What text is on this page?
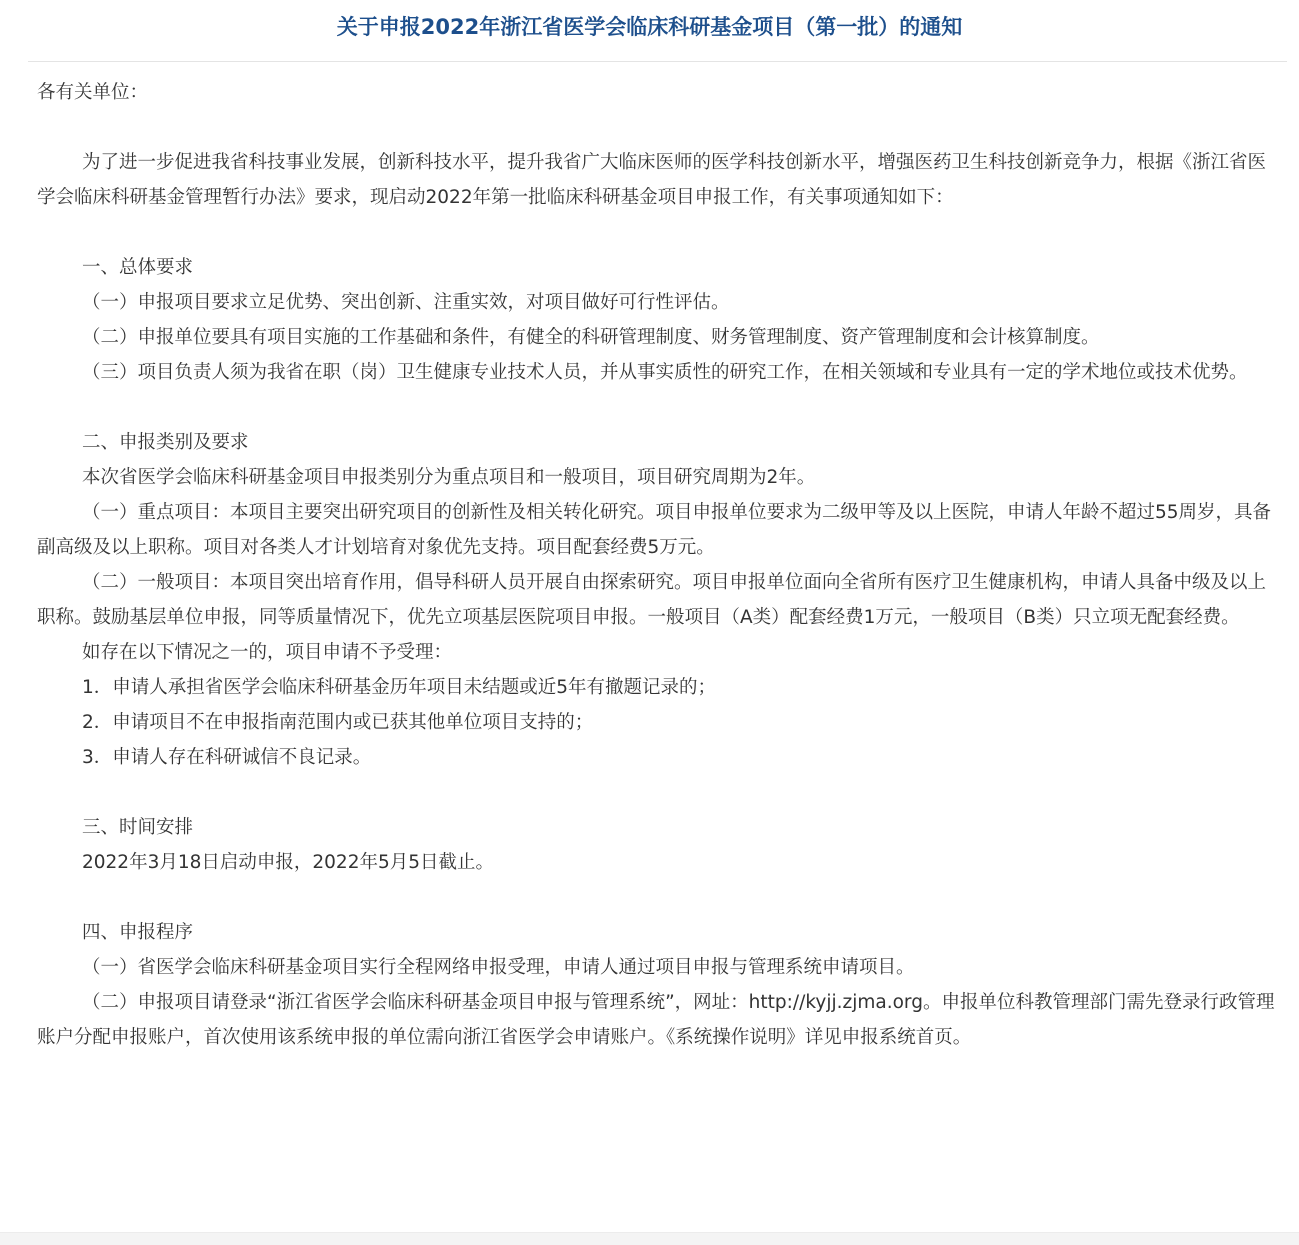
关于申报2022年浙江省医学会临床科研基金项目（第一批）的通知

各有关单位：

为了进一步促进我省科技事业发展，创新科技水平，提升我省广大临床医师的医学科技创新水平，增强医药卫生科技创新竞争力，根据《浙江省医学会临床科研基金管理暂行办法》要求，现启动2022年第一批临床科研基金项目申报工作，有关事项通知如下：

一、总体要求

（一）申报项目要求立足优势、突出创新、注重实效，对项目做好可行性评估。

（二）申报单位要具有项目实施的工作基础和条件，有健全的科研管理制度、财务管理制度、资产管理制度和会计核算制度。

（三）项目负责人须为我省在职（岗）卫生健康专业技术人员，并从事实质性的研究工作，在相关领域和专业具有一定的学术地位或技术优势。

二、申报类别及要求

本次省医学会临床科研基金项目申报类别分为重点项目和一般项目，项目研究周期为2年。

（一）重点项目：本项目主要突出研究项目的创新性及相关转化研究。项目申报单位要求为二级甲等及以上医院，申请人年龄不超过55周岁，具备副高级及以上职称。项目对各类人才计划培育对象优先支持。项目配套经费5万元。

（二）一般项目：本项目突出培育作用，倡导科研人员开展自由探索研究。项目申报单位面向全省所有医疗卫生健康机构，申请人具备中级及以上职称。鼓励基层单位申报，同等质量情况下，优先立项基层医院项目申报。一般项目（A类）配套经费1万元，一般项目（B类）只立项无配套经费。

如存在以下情况之一的，项目申请不予受理：

1．申请人承担省医学会临床科研基金历年项目未结题或近5年有撤题记录的；

2．申请项目不在申报指南范围内或已获其他单位项目支持的；

3．申请人存在科研诚信不良记录。

三、时间安排

2022年3月18日启动申报，2022年5月5日截止。

四、申报程序

（一）省医学会临床科研基金项目实行全程网络申报受理，申请人通过项目申报与管理系统申请项目。

（二）申报项目请登录“浙江省医学会临床科研基金项目申报与管理系统”，网址：http://kyjj.zjma.org。申报单位科教管理部门需先登录行政管理账户分配申报账户，首次使用该系统申报的单位需向浙江省医学会申请账户。《系统操作说明》详见申报系统首页。
